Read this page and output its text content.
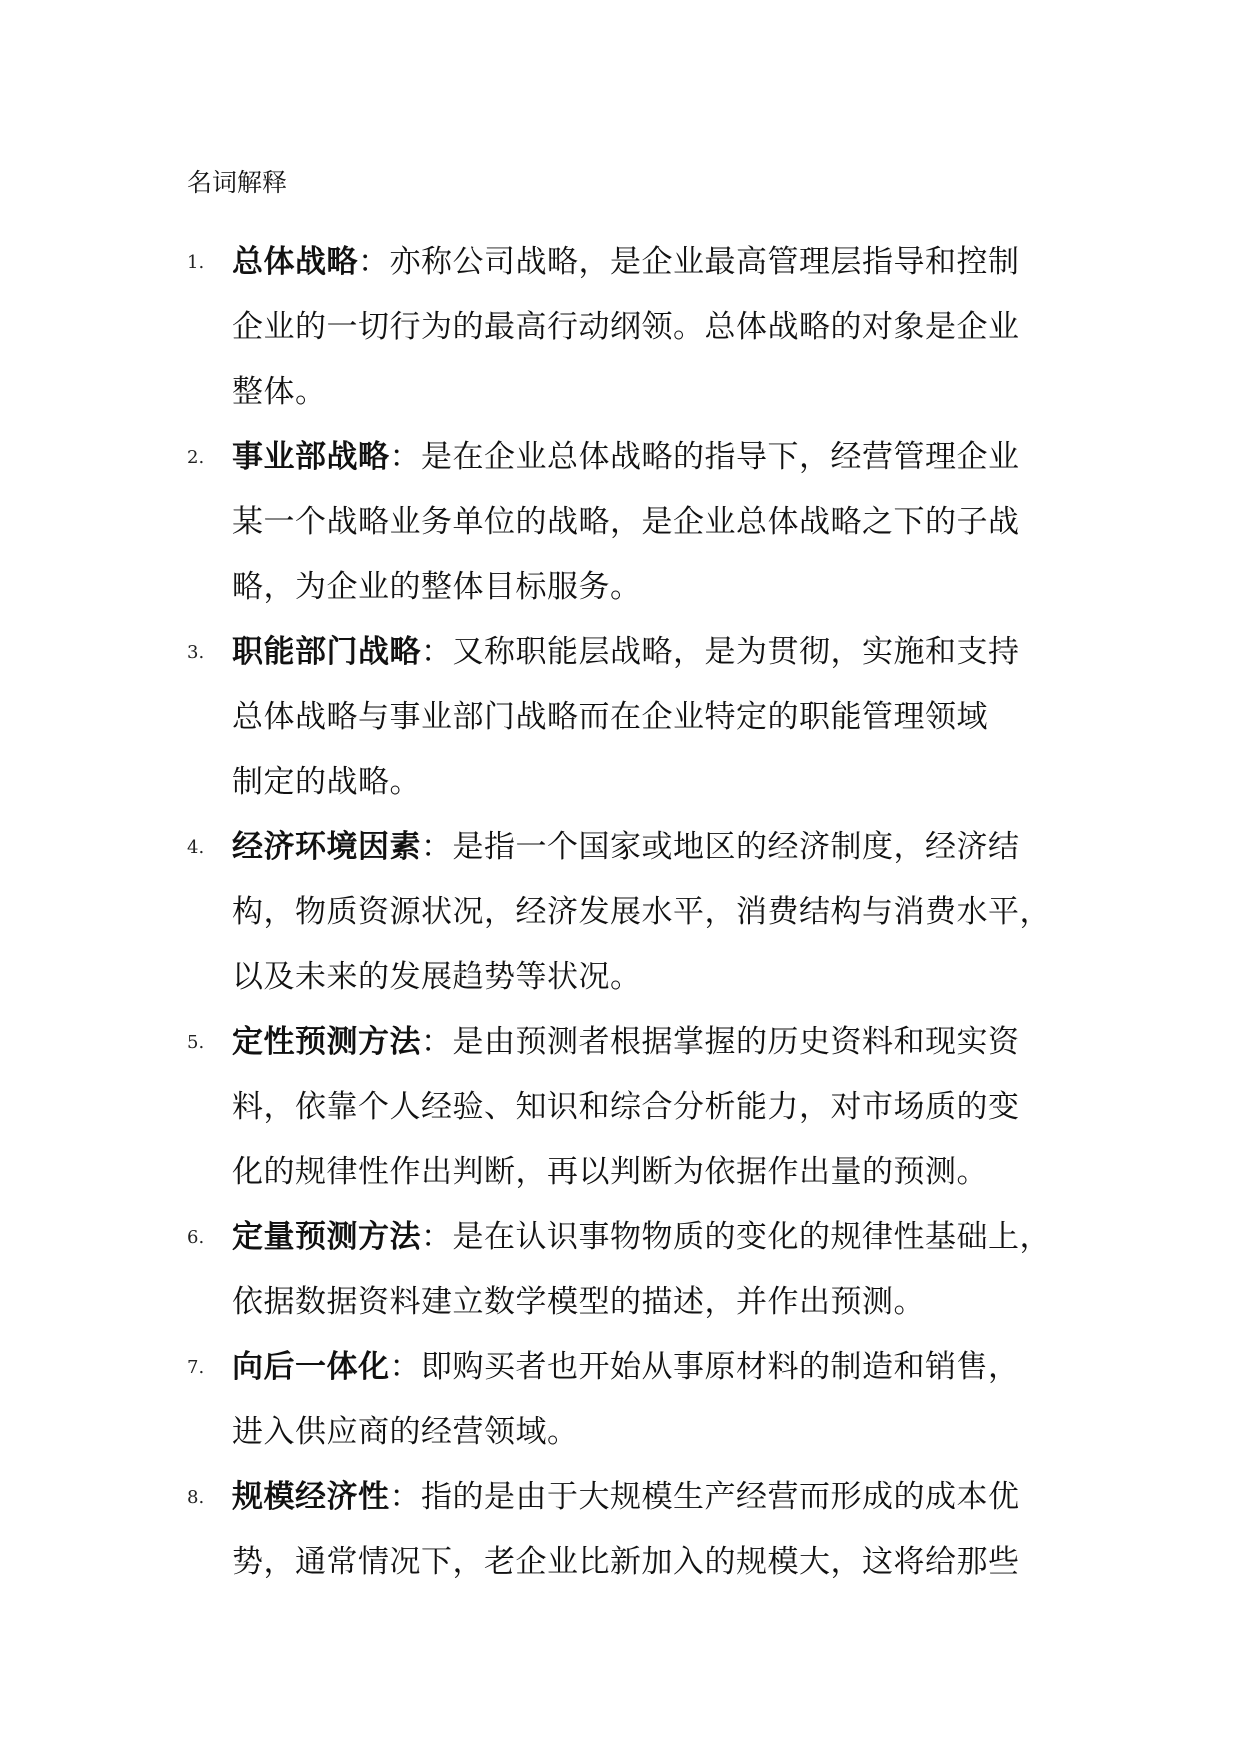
名词解释
1. 总体战略：亦称公司战略，是企业最高管理层指导和控制
企业的一切行为的最高行动纲领。总体战略的对象是企业
整体。
2. 事业部战略：是在企业总体战略的指导下，经营管理企业
某一个战略业务单位的战略，是企业总体战略之下的子战
略，为企业的整体目标服务。
3. 职能部门战略：又称职能层战略，是为贯彻，实施和支持
总体战略与事业部门战略而在企业特定的职能管理领域
制定的战略。
4. 经济环境因素：是指一个国家或地区的经济制度，经济结
构，物质资源状况，经济发展水平，消费结构与消费水平，
以及未来的发展趋势等状况。
5. 定性预测方法：是由预测者根据掌握的历史资料和现实资
料，依靠个人经验、知识和综合分析能力，对市场质的变
化的规律性作出判断，再以判断为依据作出量的预测。
6. 定量预测方法：是在认识事物物质的变化的规律性基础上，
依据数据资料建立数学模型的描述，并作出预测。
7. 向后一体化：即购买者也开始从事原材料的制造和销售，
进入供应商的经营领域。
8. 规模经济性：指的是由于大规模生产经营而形成的成本优
势，通常情况下，老企业比新加入的规模大，这将给那些
